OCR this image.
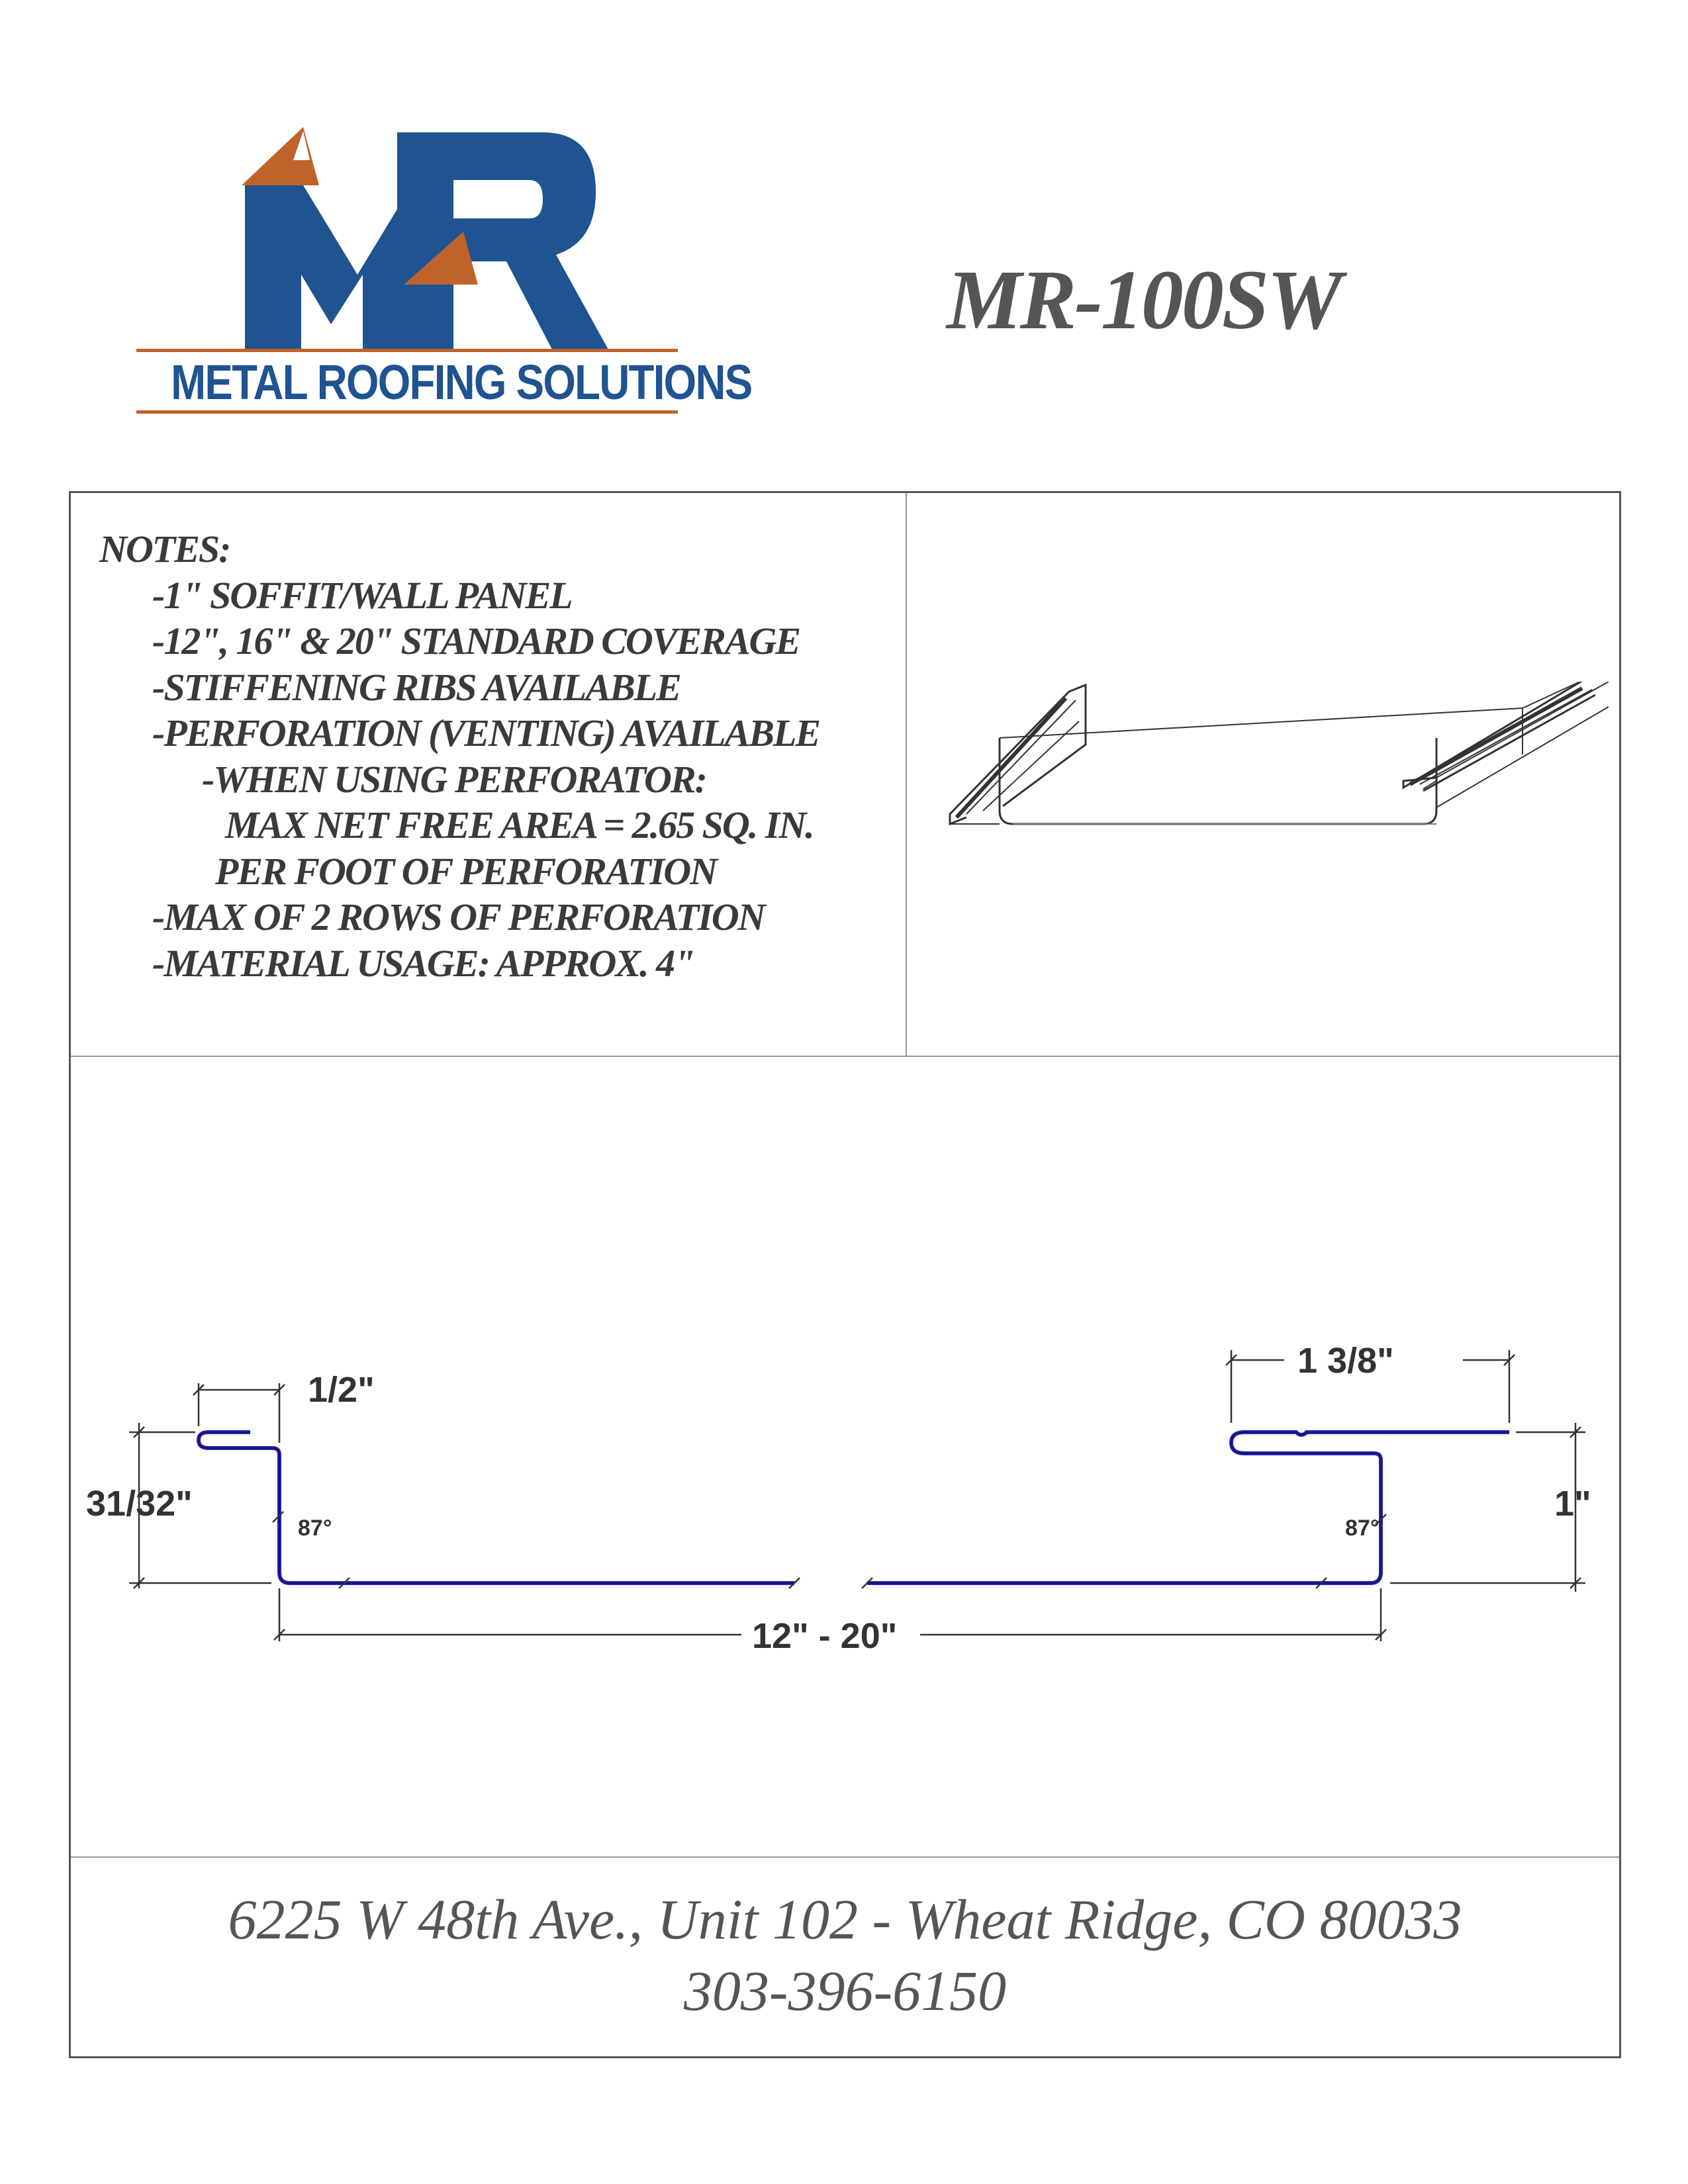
METAL ROOFING SOLUTIONS
MR-100SW
NOTES:
-1" SOFFIT/WALL PANEL
-12", 16" & 20" STANDARD COVERAGE
-STIFFENING RIBS AVAILABLE
-PERFORATION (VENTING) AVAILABLE
-WHEN USING PERFORATOR:
MAX NET FREE AREA = 2.65 SQ. IN.
PER FOOT OF PERFORATION
-MAX OF 2 ROWS OF PERFORATION
-MATERIAL USAGE: APPROX. 4"
1/2"
31/32"
87°	87°
1 3/8"
1"
12" - 20"
6225 W 48th Ave., Unit 102 - Wheat Ridge, CO 80033
303-396-6150
